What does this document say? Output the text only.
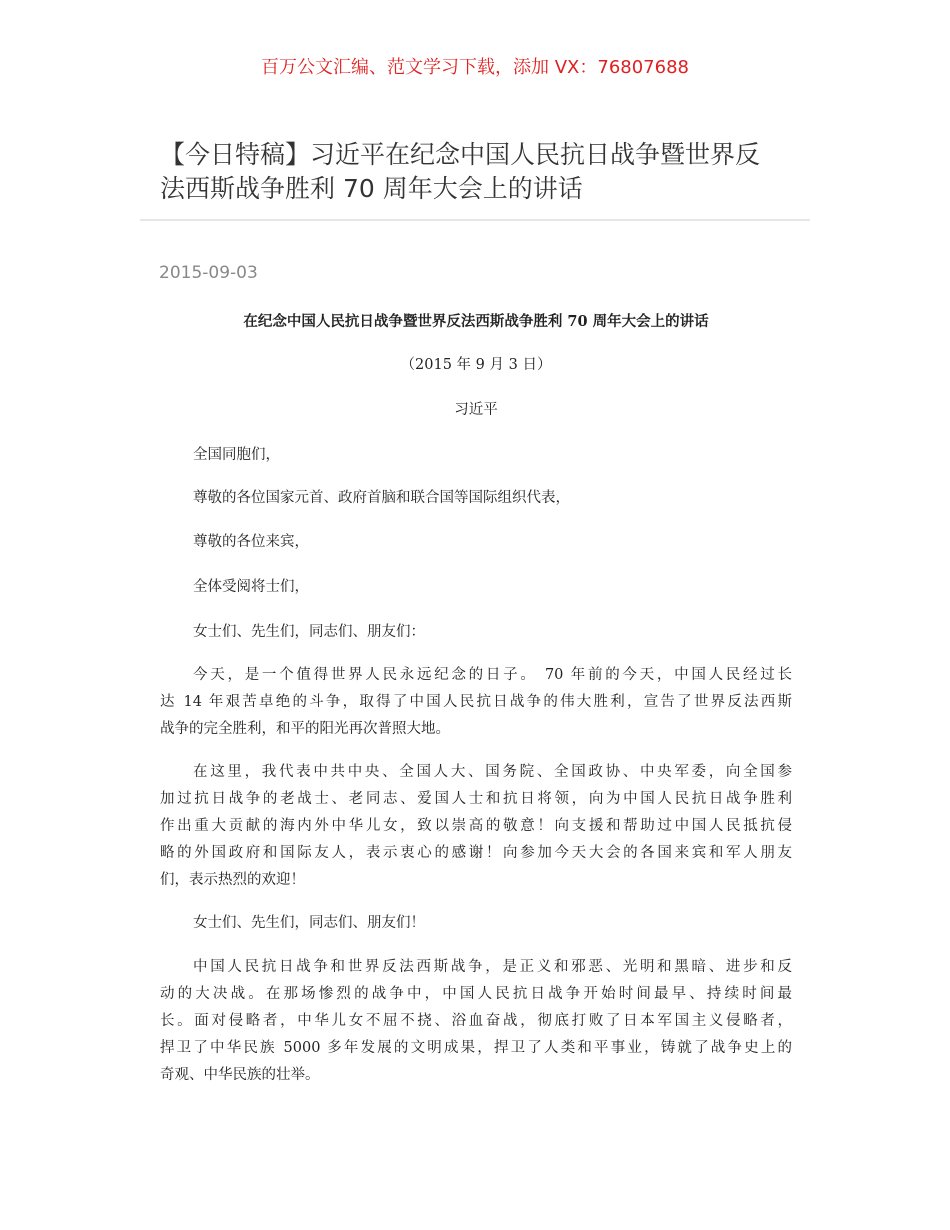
百万公文汇编、范文学习下载，添加 VX：76807688
【今日特稿】习近平在纪念中国人民抗日战争暨世界反
法西斯战争胜利 70 周年大会上的讲话
2015-09-03
在纪念中国人民抗日战争暨世界反法西斯战争胜利 70 周年大会上的讲话
（2015 年 9 月 3 日）
习近平
全国同胞们，
尊敬的各位国家元首、政府首脑和联合国等国际组织代表，
尊敬的各位来宾，
全体受阅将士们，
女士们、先生们，同志们、朋友们：
今天，是一个值得世界人民永远纪念的日子。 70 年前的今天，中国人民经过长
达 14 年艰苦卓绝的斗争，取得了中国人民抗日战争的伟大胜利，宣告了世界反法西斯
战争的完全胜利，和平的阳光再次普照大地。
在这里，我代表中共中央、全国人大、国务院、全国政协、中央军委，向全国参
加过抗日战争的老战士、老同志、爱国人士和抗日将领，向为中国人民抗日战争胜利
作出重大贡献的海内外中华儿女，致以崇高的敬意！向支援和帮助过中国人民抵抗侵
略的外国政府和国际友人，表示衷心的感谢！向参加今天大会的各国来宾和军人朋友
们，表示热烈的欢迎！
女士们、先生们，同志们、朋友们！
中国人民抗日战争和世界反法西斯战争，是正义和邪恶、光明和黑暗、进步和反
动的大决战。在那场惨烈的战争中，中国人民抗日战争开始时间最早、持续时间最
长。面对侵略者，中华儿女不屈不挠、浴血奋战，彻底打败了日本军国主义侵略者，
捍卫了中华民族 5000 多年发展的文明成果，捍卫了人类和平事业，铸就了战争史上的
奇观、中华民族的壮举。
